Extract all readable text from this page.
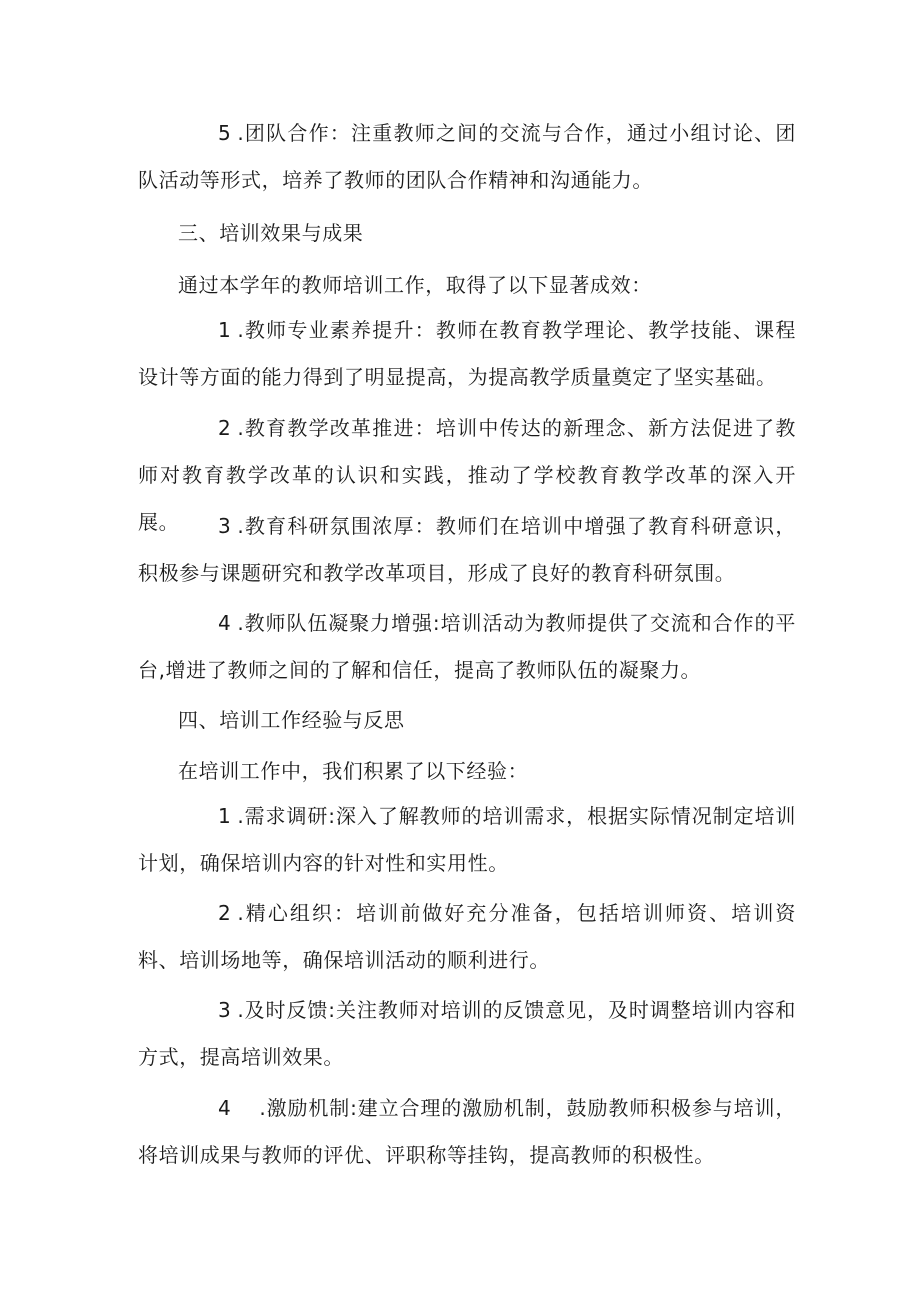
5 .团队合作：注重教师之间的交流与合作，通过小组讨论、团队活动等形式，培养了教师的团队合作精神和沟通能力。

三、培训效果与成果

通过本学年的教师培训工作，取得了以下显著成效：

1 .教师专业素养提升：教师在教育教学理论、教学技能、课程设计等方面的能力得到了明显提高，为提高教学质量奠定了坚实基础。

2 .教育教学改革推进：培训中传达的新理念、新方法促进了教师对教育教学改革的认识和实践，推动了学校教育教学改革的深入开展。	3 .教育科研氛围浓厚：教师们在培训中增强了教育科研意识，积极参与课题研究和教学改革项目，形成了良好的教育科研氛围。

4 .教师队伍凝聚力增强:培训活动为教师提供了交流和合作的平台,增进了教师之间的了解和信任，提高了教师队伍的凝聚力。

四、培训工作经验与反思

在培训工作中，我们积累了以下经验：

1 .需求调研:深入了解教师的培训需求，根据实际情况制定培训计划，确保培训内容的针对性和实用性。

2 .精心组织：培训前做好充分准备，包括培训师资、培训资料、培训场地等，确保培训活动的顺利进行。

3 .及时反馈:关注教师对培训的反馈意见，及时调整培训内容和方式，提高培训效果。

4 .激励机制:建立合理的激励机制，鼓励教师积极参与培训，将培训成果与教师的评优、评职称等挂钩，提高教师的积极性。
